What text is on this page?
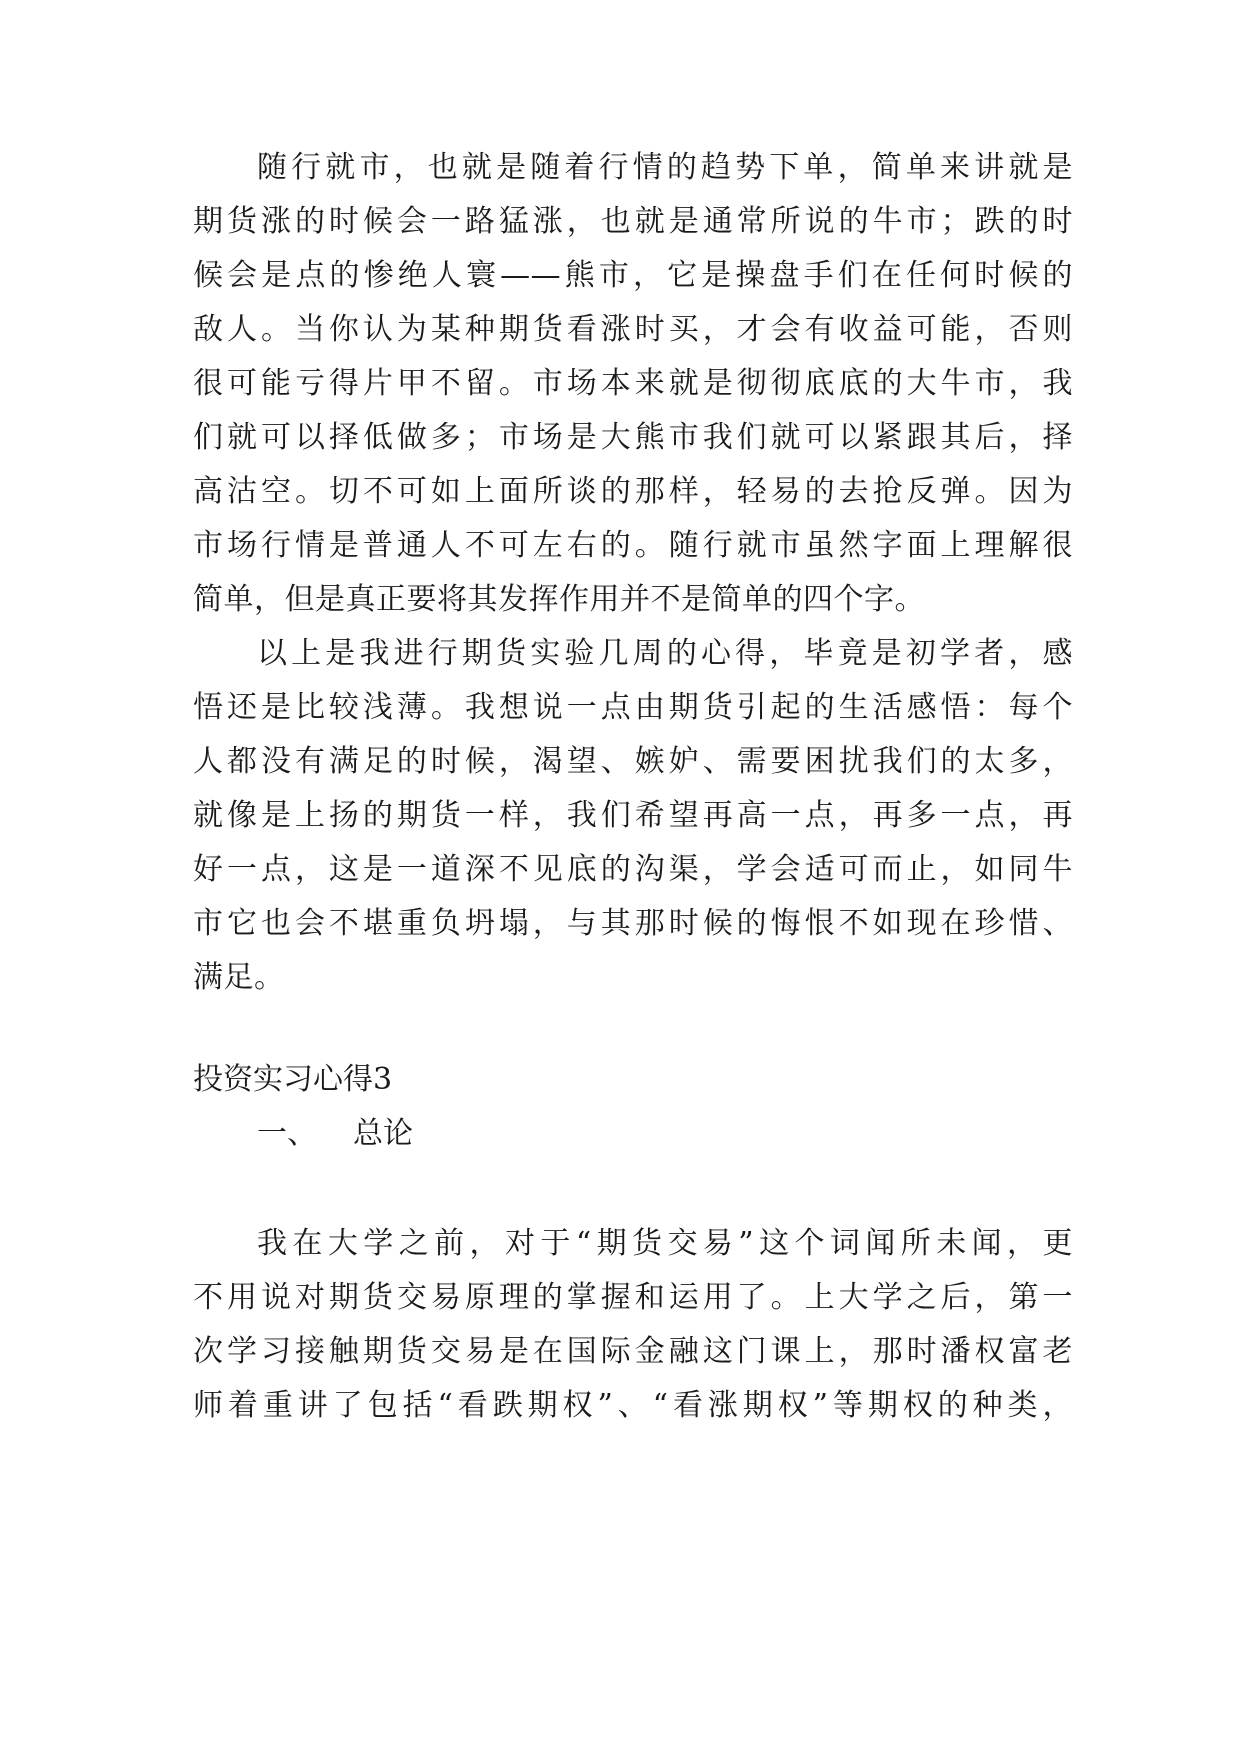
随行就市，也就是随着行情的趋势下单，简单来讲就是
期货涨的时候会一路猛涨，也就是通常所说的牛市；跌的时
候会是点的惨绝人寰——熊市，它是操盘手们在任何时候的
敌人。当你认为某种期货看涨时买，才会有收益可能，否则
很可能亏得片甲不留。市场本来就是彻彻底底的大牛市，我
们就可以择低做多；市场是大熊市我们就可以紧跟其后，择
高沽空。切不可如上面所谈的那样，轻易的去抢反弹。因为
市场行情是普通人不可左右的。随行就市虽然字面上理解很
简单，但是真正要将其发挥作用并不是简单的四个字。
以上是我进行期货实验几周的心得，毕竟是初学者，感
悟还是比较浅薄。我想说一点由期货引起的生活感悟：每个
人都没有满足的时候，渴望、嫉妒、需要困扰我们的太多，
就像是上扬的期货一样，我们希望再高一点，再多一点，再
好一点，这是一道深不见底的沟渠，学会适可而止，如同牛
市它也会不堪重负坍塌，与其那时候的悔恨不如现在珍惜、
满足。
投资实习心得3
一、 总论
我在大学之前，对于“期货交易”这个词闻所未闻，更
不用说对期货交易原理的掌握和运用了。上大学之后，第一
次学习接触期货交易是在国际金融这门课上，那时潘权富老
师着重讲了包括“看跌期权”、“看涨期权”等期权的种类，
